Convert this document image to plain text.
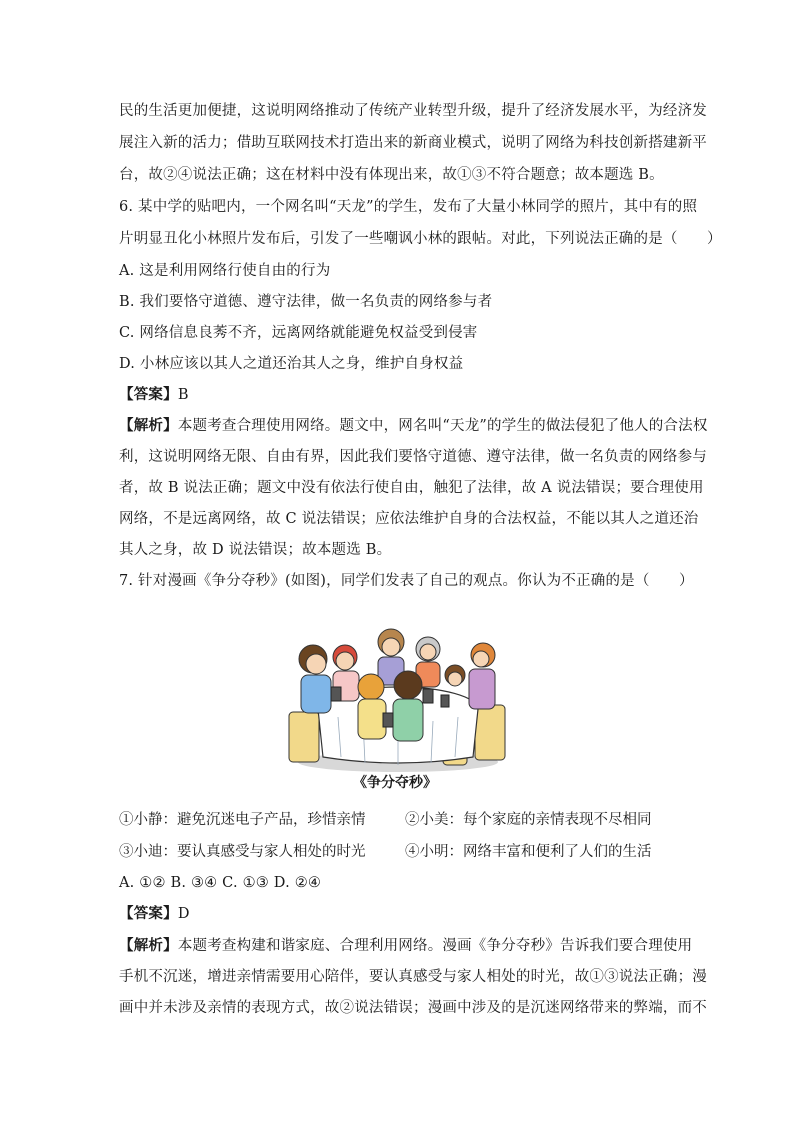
民的生活更加便捷，这说明网络推动了传统产业转型升级，提升了经济发展水平，为经济发
展注入新的活力；借助互联网技术打造出来的新商业模式，说明了网络为科技创新搭建新平
台，故②④说法正确；这在材料中没有体现出来，故①③不符合题意；故本题选 B。
6. 某中学的贴吧内，一个网名叫“天龙”的学生，发布了大量小林同学的照片，其中有的照
片明显丑化小林照片发布后，引发了一些嘲讽小林的跟帖。对此，下列说法正确的是（　　）
A. 这是利用网络行使自由的行为
B. 我们要恪守道德、遵守法律，做一名负责的网络参与者
C. 网络信息良莠不齐，远离网络就能避免权益受到侵害
D. 小林应该以其人之道还治其人之身，维护自身权益
【答案】B
【解析】本题考查合理使用网络。题文中，网名叫“天龙”的学生的做法侵犯了他人的合法权
利，这说明网络无限、自由有界，因此我们要恪守道德、遵守法律，做一名负责的网络参与
者，故 B 说法正确；题文中没有依法行使自由，触犯了法律，故 A 说法错误；要合理使用
网络，不是远离网络，故 C 说法错误；应依法维护自身的合法权益，不能以其人之道还治
其人之身，故 D 说法错误；故本题选 B。
7. 针对漫画《争分夺秒》(如图)，同学们发表了自己的观点。你认为不正确的是（　　）
《争分夺秒》
①小静：避免沉迷电子产品，珍惜亲情	②小美：每个家庭的亲情表现不尽相同
③小迪：要认真感受与家人相处的时光	④小明：网络丰富和便利了人们的生活
A. ①② B. ③④ C. ①③ D. ②④
【答案】D
【解析】本题考查构建和谐家庭、合理利用网络。漫画《争分夺秒》告诉我们要合理使用
手机不沉迷，增进亲情需要用心陪伴，要认真感受与家人相处的时光，故①③说法正确；漫
画中并未涉及亲情的表现方式，故②说法错误；漫画中涉及的是沉迷网络带来的弊端，而不
